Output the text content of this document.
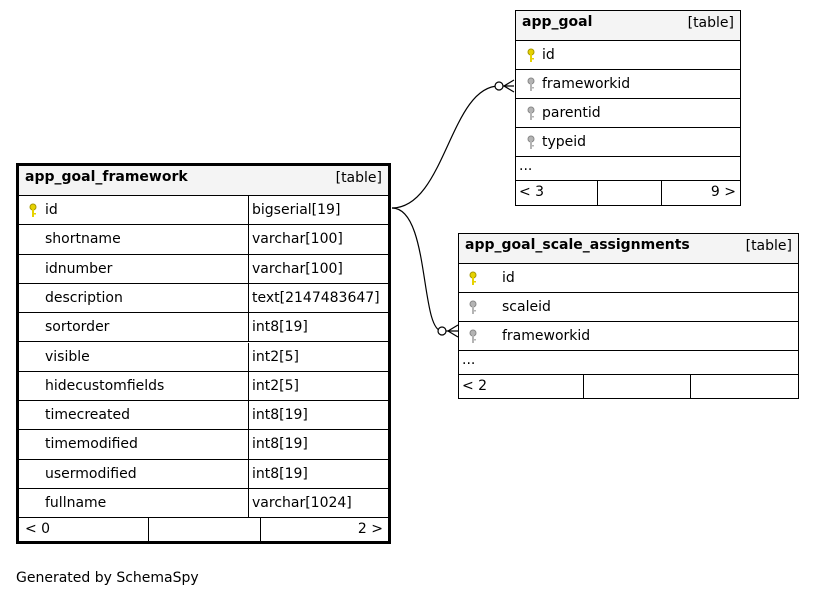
app_goal	[table]
id
frameworkid
parentid
typeid
...
< 3	9 >
app_goal_framework	[table]
id	bigserial[19]
shortname	varchar[100]
idnumber	varchar[100]
description	text[2147483647]
sortorder	int8[19]
visible	int2[5]
hidecustomfields	int2[5]
timecreated	int8[19]
timemodified	int8[19]
usermodified	int8[19]
fullname	varchar[1024]
< 0	2 >
app_goal_scale_assignments	[table]
id
scaleid
frameworkid
...
< 2
Generated by SchemaSpy
